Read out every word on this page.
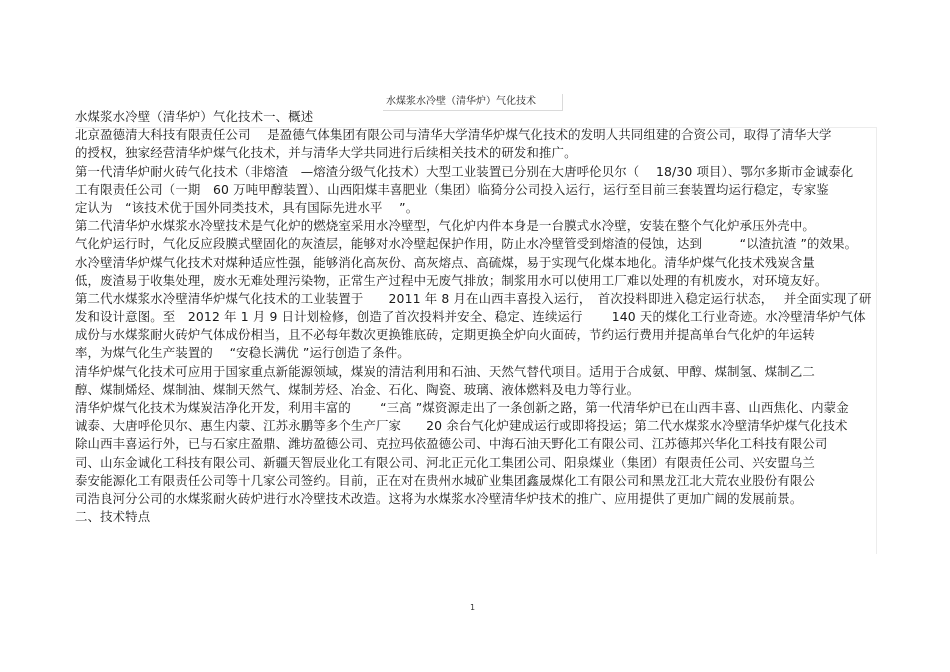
水煤浆水冷壁（清华炉）气化技术
水煤浆水冷壁（清华炉）气化技术一、概述
北京盈德清大科技有限责任公司　 是盈德气体集团有限公司与清华大学清华炉煤气化技术的发明人共同组建的合资公司，取得了清华大学
的授权，独家经营清华炉煤气化技术，并与清华大学共同进行后续相关技术的研发和推广。
第一代清华炉耐火砖气化技术（非熔渣　—熔渣分级气化技术）大型工业装置已分别在大唐呼伦贝尔（　 18/30 项目）、鄂尔多斯市金诚泰化
工有限责任公司（一期　60 万吨甲醇装置）、山西阳煤丰喜肥业（集团）临猗分公司投入运行，运行至目前三套装置均运行稳定，专家鉴
定认为　“该技术优于国外同类技术，具有国际先进水平　 ”。
第二代清华炉水煤浆水冷壁技术是气化炉的燃烧室采用水冷壁型，气化炉内件本身是一台膜式水冷壁，安装在整个气化炉承压外壳中。
气化炉运行时，气化反应段膜式壁固化的灰渣层，能够对水冷壁起保护作用，防止水冷壁管受到熔渣的侵蚀，达到　　　“以渣抗渣 ”的效果。
水冷壁清华炉煤气化技术对煤种适应性强，能够消化高灰份、高灰熔点、高硫煤，易于实现气化煤本地化。清华炉煤气化技术残炭含量
低，废渣易于收集处理，废水无难处理污染物，正常生产过程中无废气排放；制浆用水可以使用工厂难以处理的有机废水，对环境友好。
第二代水煤浆水冷壁清华炉煤气化技术的工业装置于　　2011 年 8 月在山西丰喜投入运行，　首次投料即进入稳定运行状态，　 并全面实现了研
发和设计意图。至　2012 年 1 月 9 日计划检修，创造了首次投料并安全、稳定、连续运行　　 140 天的煤化工行业奇迹。水冷壁清华炉气体
成份与水煤浆耐火砖炉气体成份相当，且不必每年数次更换锥底砖，定期更换全炉向火面砖，节约运行费用并提高单台气化炉的年运转
率，为煤气化生产装置的　 “安稳长满优 ”运行创造了条件。
清华炉煤气化技术可应用于国家重点新能源领域，煤炭的清洁利用和石油、天然气替代项目。适用于合成氨、甲醇、煤制氢、煤制乙二
醇、煤制烯烃、煤制油、煤制天然气、煤制芳烃、冶金、石化、陶瓷、玻璃、液体燃料及电力等行业。
清华炉煤气化技术为煤炭洁净化开发，利用丰富的　　 “三高 ”煤资源走出了一条创新之路，第一代清华炉已在山西丰喜、山西焦化、内蒙金
诚泰、大唐呼伦贝尔、惠生内蒙、江苏永鹏等多个生产厂家　　20 余台气化炉建成运行或即将投运；第二代水煤浆水冷壁清华炉煤气化技术
除山西丰喜运行外，已与石家庄盈鼎、潍坊盈德公司、克拉玛依盈德公司、中海石油天野化工有限公司、江苏德邦兴华化工科技有限公司
司、山东金诚化工科技有限公司、新疆天智辰业化工有限公司、河北正元化工集团公司、阳泉煤业（集团）有限责任公司、兴安盟乌兰
泰安能源化工有限责任公司等十几家公司签约。目前，正在对在贵州水城矿业集团鑫晟煤化工有限公司和黑龙江北大荒农业股份有限公
司浩良河分公司的水煤浆耐火砖炉进行水冷壁技术改造。这将为水煤浆水冷壁清华炉技术的推广、应用提供了更加广阔的发展前景。
二、技术特点
1
